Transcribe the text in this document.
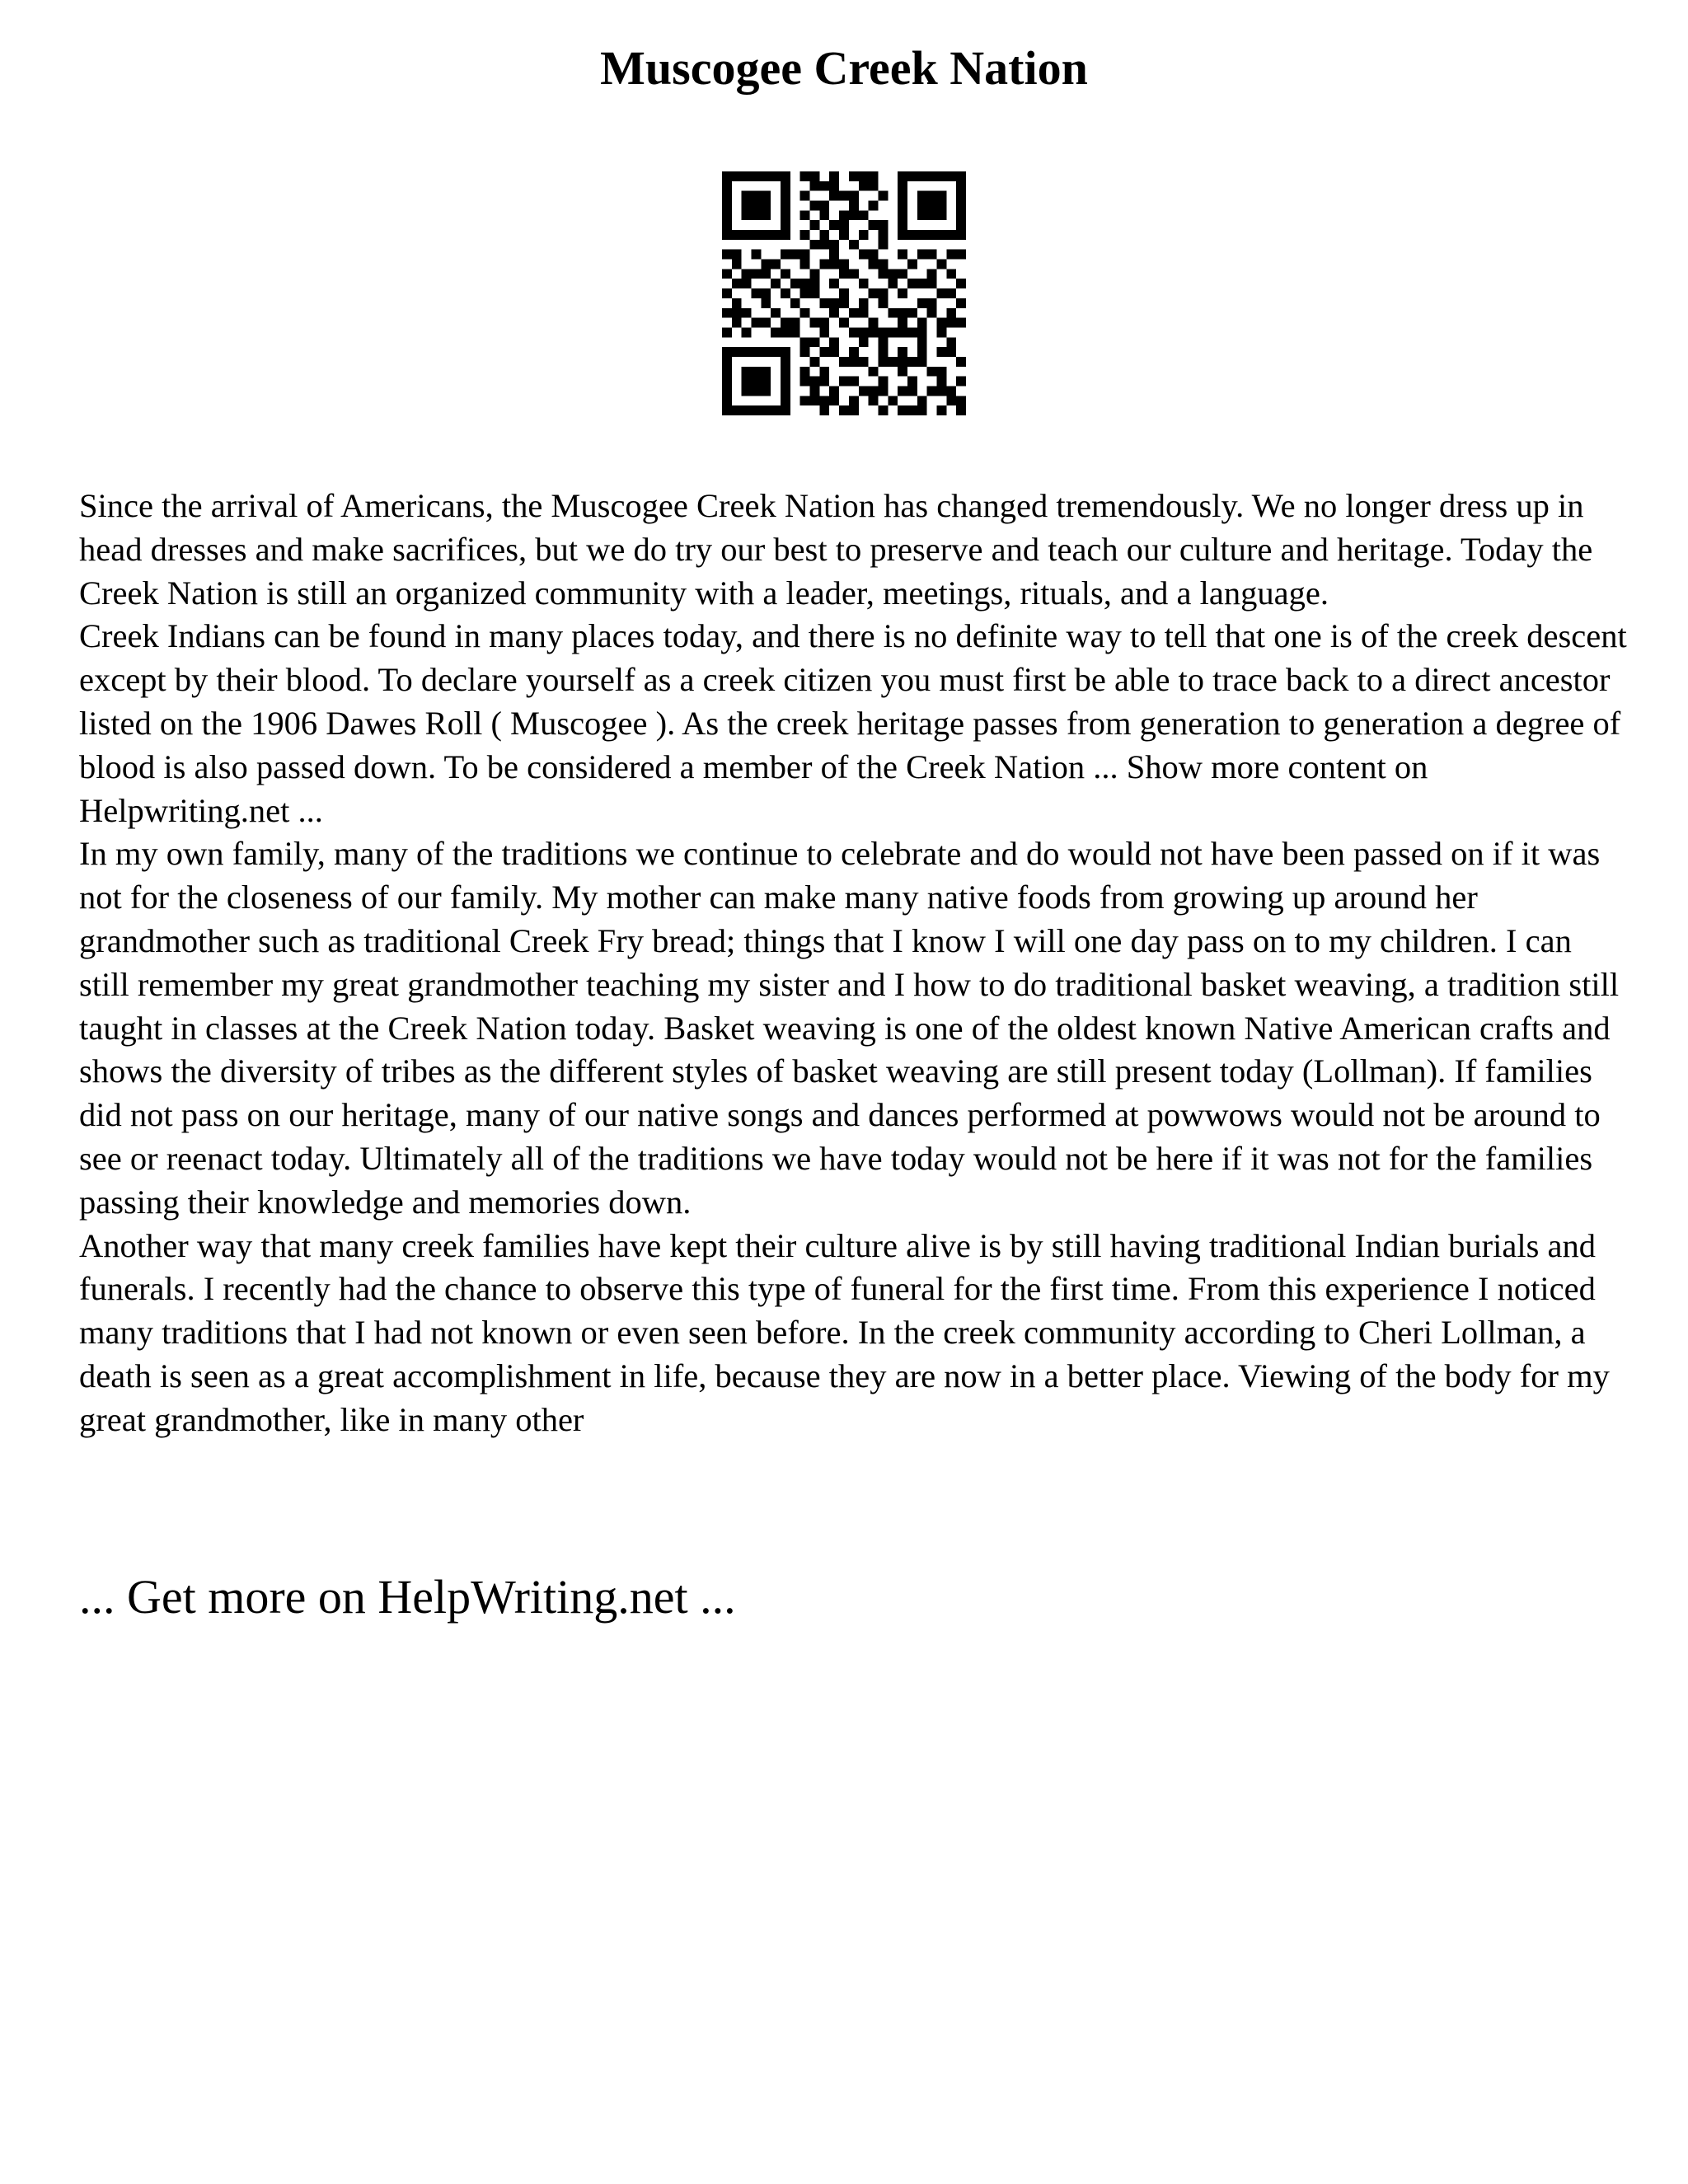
Muscogee Creek Nation

Since the arrival of Americans, the Muscogee Creek Nation has changed tremendously. We no longer dress up in head dresses and make sacrifices, but we do try our best to preserve and teach our culture and heritage. Today the Creek Nation is still an organized community with a leader, meetings, rituals, and a language.

Creek Indians can be found in many places today, and there is no definite way to tell that one is of the creek descent except by their blood. To declare yourself as a creek citizen you must first be able to trace back to a direct ancestor listed on the 1906 Dawes Roll ( Muscogee ). As the creek heritage passes from generation to generation a degree of blood is also passed down. To be considered a member of the Creek Nation ... Show more content on Helpwriting.net ...

In my own family, many of the traditions we continue to celebrate and do would not have been passed on if it was not for the closeness of our family. My mother can make many native foods from growing up around her grandmother such as traditional Creek Fry bread; things that I know I will one day pass on to my children. I can still remember my great grandmother teaching my sister and I how to do traditional basket weaving, a tradition still taught in classes at the Creek Nation today. Basket weaving is one of the oldest known Native American crafts and shows the diversity of tribes as the different styles of basket weaving are still present today (Lollman). If families did not pass on our heritage, many of our native songs and dances performed at powwows would not be around to see or reenact today. Ultimately all of the traditions we have today would not be here if it was not for the families passing their knowledge and memories down.

Another way that many creek families have kept their culture alive is by still having traditional Indian burials and funerals. I recently had the chance to observe this type of funeral for the first time. From this experience I noticed many traditions that I had not known or even seen before. In the creek community according to Cheri Lollman, a death is seen as a great accomplishment in life, because they are now in a better place. Viewing of the body for my great grandmother, like in many other

... Get more on HelpWriting.net ...
